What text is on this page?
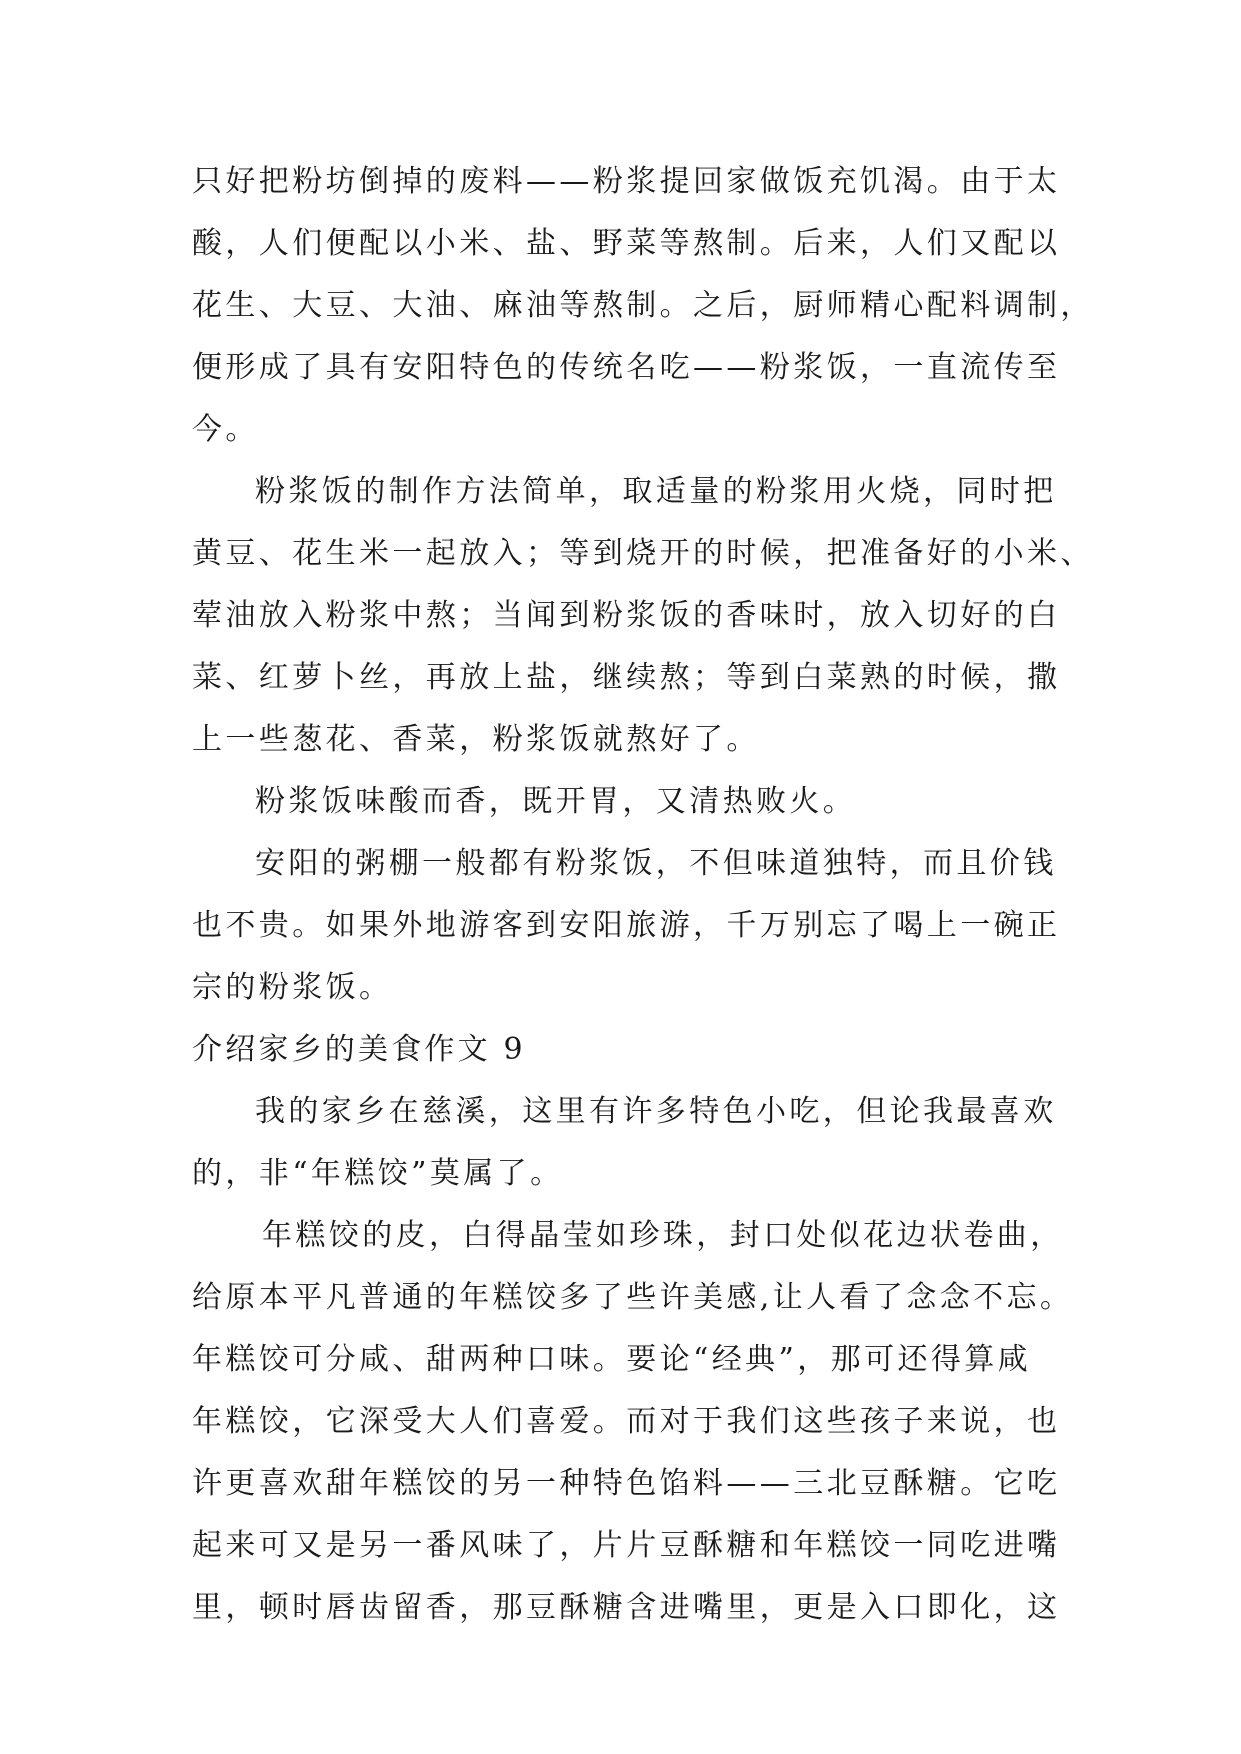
只好把粉坊倒掉的废料——粉浆提回家做饭充饥渴。由于太
酸，人们便配以小米、盐、野菜等熬制。后来，人们又配以
花生、大豆、大油、麻油等熬制。之后，厨师精心配料调制，
便形成了具有安阳特色的传统名吃——粉浆饭，一直流传至
今。
粉浆饭的制作方法简单，取适量的粉浆用火烧，同时把
黄豆、花生米一起放入；等到烧开的时候，把准备好的小米、
荤油放入粉浆中熬；当闻到粉浆饭的香味时，放入切好的白
菜、红萝卜丝，再放上盐，继续熬；等到白菜熟的时候，撒
上一些葱花、香菜，粉浆饭就熬好了。
粉浆饭味酸而香，既开胃，又清热败火。
安阳的粥棚一般都有粉浆饭，不但味道独特，而且价钱
也不贵。如果外地游客到安阳旅游，千万别忘了喝上一碗正
宗的粉浆饭。
介绍家乡的美食作文 9
我的家乡在慈溪，这里有许多特色小吃，但论我最喜欢
的，非“年糕饺”莫属了。
年糕饺的皮，白得晶莹如珍珠，封口处似花边状卷曲，
给原本平凡普通的年糕饺多了些许美感,让人看了念念不忘。
年糕饺可分咸、甜两种口味。要论“经典”，那可还得算咸
年糕饺，它深受大人们喜爱。而对于我们这些孩子来说，也
许更喜欢甜年糕饺的另一种特色馅料——三北豆酥糖。它吃
起来可又是另一番风味了，片片豆酥糖和年糕饺一同吃进嘴
里，顿时唇齿留香，那豆酥糖含进嘴里，更是入口即化，这
